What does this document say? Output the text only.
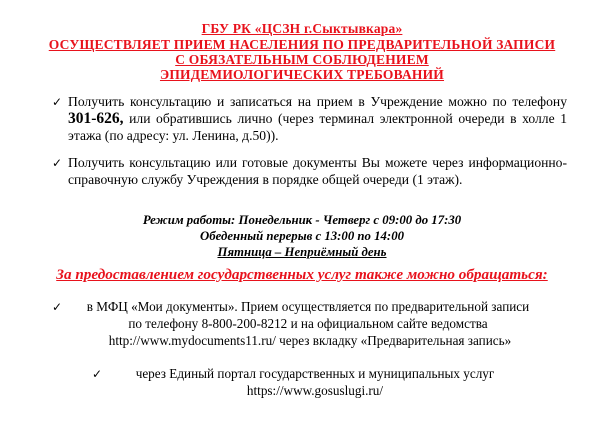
ГБУ РК «ЦСЗН г.Сыктывкара»
ОСУЩЕСТВЛЯЕТ ПРИЕМ НАСЕЛЕНИЯ ПО ПРЕДВАРИТЕЛЬНОЙ ЗАПИСИ
С ОБЯЗАТЕЛЬНЫМ СОБЛЮДЕНИЕМ
ЭПИДЕМИОЛОГИЧЕСКИХ ТРЕБОВАНИЙ
✓ Получить консультацию и записаться на прием в Учреждение можно по телефону 301-626, или обратившись лично (через терминал электронной очереди в холле 1 этажа (по адресу: ул. Ленина, д.50)).

✓ Получить консультацию или готовые документы Вы можете через информационно-справочную службу Учреждения в порядке общей очереди (1 этаж).

Режим работы: Понедельник - Четверг с 09:00 до 17:30
Обеденный перерыв с 13:00 по 14:00
Пятница – Неприёмный день
За предоставлением государственных услуг также можно обращаться:
✓	в МФЦ «Мои документы». Прием осуществляется по предварительной записи
по телефону 8-800-200-8212 и на официальном сайте ведомства
http://www.mydocuments11.ru/ через вкладку «Предварительная запись»
✓	через Единый портал государственных и муниципальных услуг
https://www.gosuslugi.ru/
